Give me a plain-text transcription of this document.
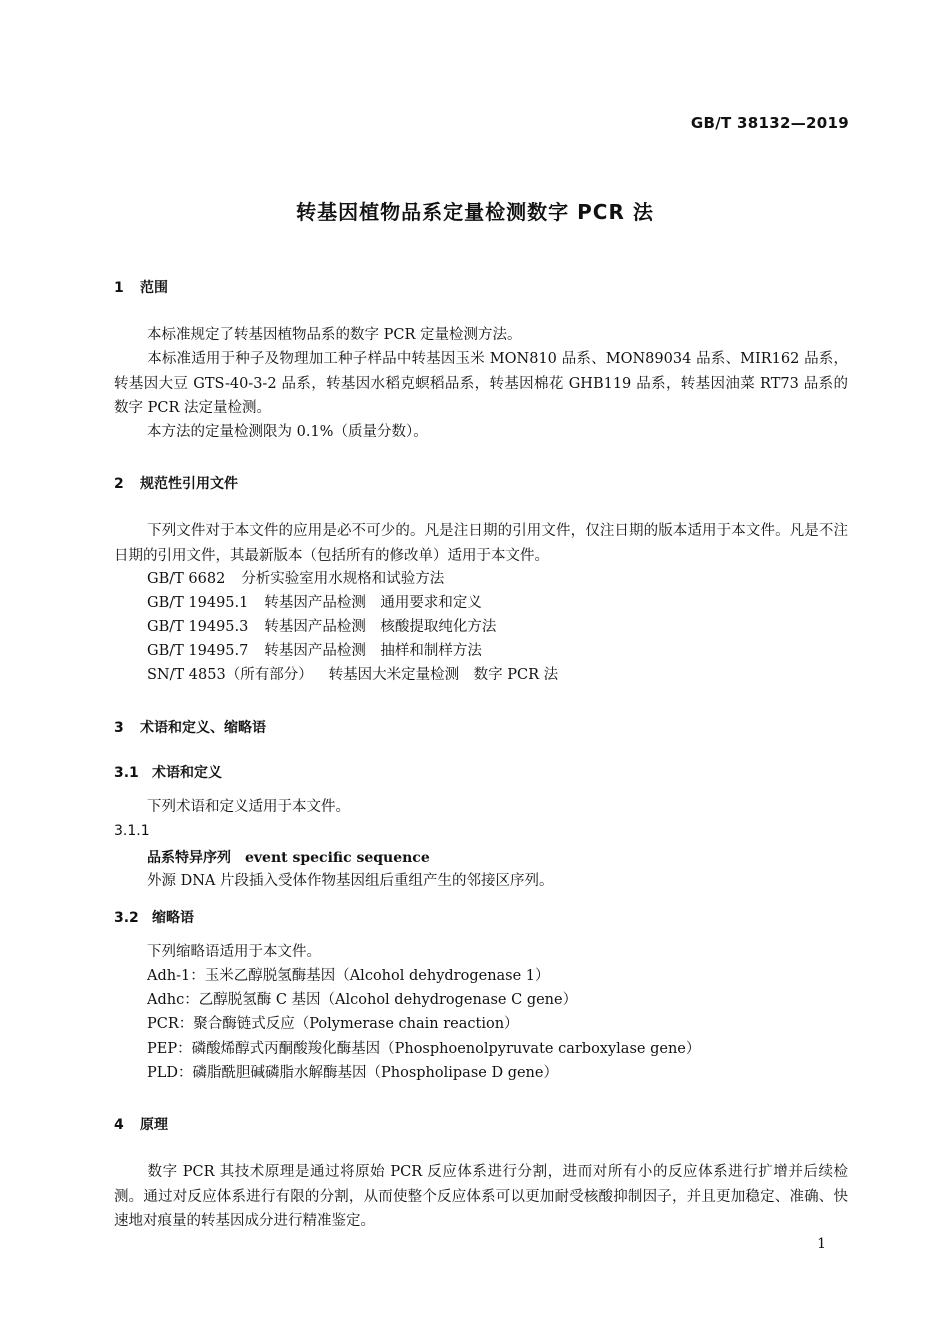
GB/T 38132—2019
转基因植物品系定量检测数字 PCR 法
1 范围
本标准规定了转基因植物品系的数字 PCR 定量检测方法。
本标准适用于种子及物理加工种子样品中转基因玉米 MON810 品系、MON89034 品系、MIR162 品系，转基因大豆 GTS-40-3-2 品系，转基因水稻克螟稻品系，转基因棉花 GHB119 品系，转基因油菜 RT73 品系的数字 PCR 法定量检测。
本方法的定量检测限为 0.1%（质量分数）。
2 规范性引用文件
下列文件对于本文件的应用是必不可少的。凡是注日期的引用文件，仅注日期的版本适用于本文件。凡是不注日期的引用文件，其最新版本（包括所有的修改单）适用于本文件。
GB/T 6682 分析实验室用水规格和试验方法
GB/T 19495.1 转基因产品检测　通用要求和定义
GB/T 19495.3 转基因产品检测　核酸提取纯化方法
GB/T 19495.7 转基因产品检测　抽样和制样方法
SN/T 4853（所有部分） 转基因大米定量检测　数字 PCR 法
3 术语和定义、缩略语
3.1 术语和定义
下列术语和定义适用于本文件。
3.1.1
品系特异序列 event specific sequence
外源 DNA 片段插入受体作物基因组后重组产生的邻接区序列。
3.2 缩略语
下列缩略语适用于本文件。
Adh-1：玉米乙醇脱氢酶基因（Alcohol dehydrogenase 1）
Adhc：乙醇脱氢酶 C 基因（Alcohol dehydrogenase C gene）
PCR：聚合酶链式反应（Polymerase chain reaction）
PEP：磷酸烯醇式丙酮酸羧化酶基因（Phosphoenolpyruvate carboxylase gene）
PLD：磷脂酰胆碱磷脂水解酶基因（Phospholipase D gene）
4 原理
数字 PCR 其技术原理是通过将原始 PCR 反应体系进行分割，进而对所有小的反应体系进行扩增并后续检测。通过对反应体系进行有限的分割，从而使整个反应体系可以更加耐受核酸抑制因子，并且更加稳定、准确、快速地对痕量的转基因成分进行精准鉴定。
1
